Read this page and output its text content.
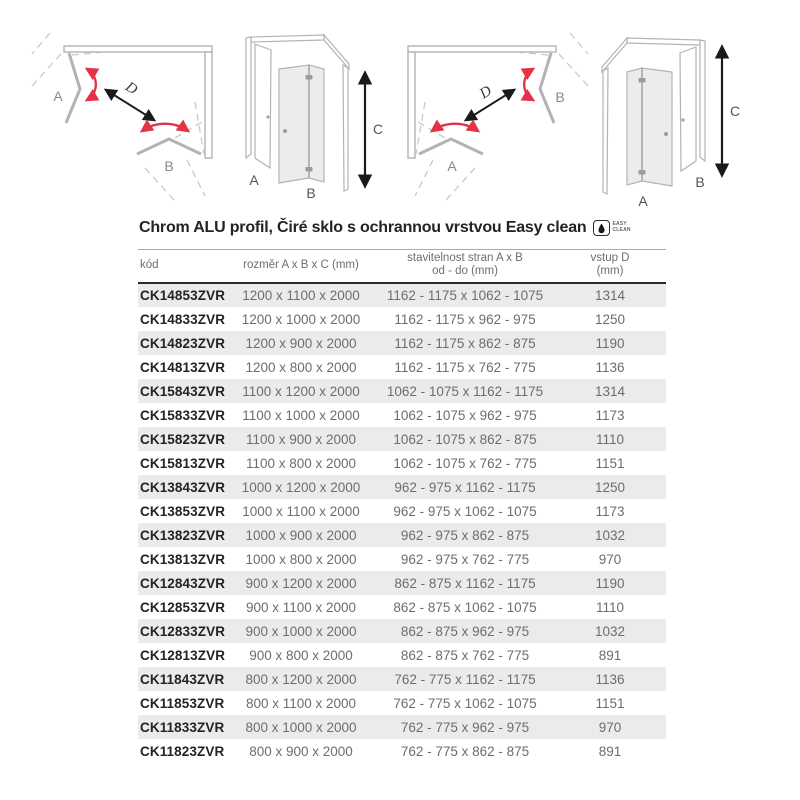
A
B
D
A
B
C
B
A
D
A
B
C
Chrom ALU profil, Čiré sklo s ochrannou vrstvou Easy clean	EASY
CLEAN
kód	rozměr A x B x C (mm)	stavitelnost stran A x B
od - do (mm)	vstup D
(mm)

CK14853ZVR	1200 x 1100 x 2000	1162 - 1175 x 1062 - 1075	1314
CK14833ZVR	1200 x 1000 x 2000	1162 - 1175 x 962 - 975	1250
CK14823ZVR	1200 x 900 x 2000	1162 - 1175 x 862 - 875	1190
CK14813ZVR	1200 x 800 x 2000	1162 - 1175 x 762 - 775	1136
CK15843ZVR	1100 x 1200 x 2000	1062 - 1075 x 1162 - 1175	1314
CK15833ZVR	1100 x 1000 x 2000	1062 - 1075 x 962 - 975	1173
CK15823ZVR	1100 x 900 x 2000	1062 - 1075 x 862 - 875	1110
CK15813ZVR	1100 x 800 x 2000	1062 - 1075 x 762 - 775	1151
CK13843ZVR	1000 x 1200 x 2000	962 - 975 x 1162 - 1175	1250
CK13853ZVR	1000 x 1100 x 2000	962 - 975 x 1062 - 1075	1173
CK13823ZVR	1000 x 900 x 2000	962 - 975 x 862 - 875	1032
CK13813ZVR	1000 x 800 x 2000	962 - 975 x 762 - 775	970
CK12843ZVR	900 x 1200 x 2000	862 - 875 x 1162 - 1175	1190
CK12853ZVR	900 x 1100 x 2000	862 - 875 x 1062 - 1075	1110
CK12833ZVR	900 x 1000 x 2000	862 - 875 x 962 - 975	1032
CK12813ZVR	900 x 800 x 2000	862 - 875 x 762 - 775	891
CK11843ZVR	800 x 1200 x 2000	762 - 775 x 1162 - 1175	1136
CK11853ZVR	800 x 1100 x 2000	762 - 775 x 1062 - 1075	1151
CK11833ZVR	800 x 1000 x 2000	762 - 775 x 962 - 975	970
CK11823ZVR	800 x 900 x 2000	762 - 775 x 862 - 875	891
